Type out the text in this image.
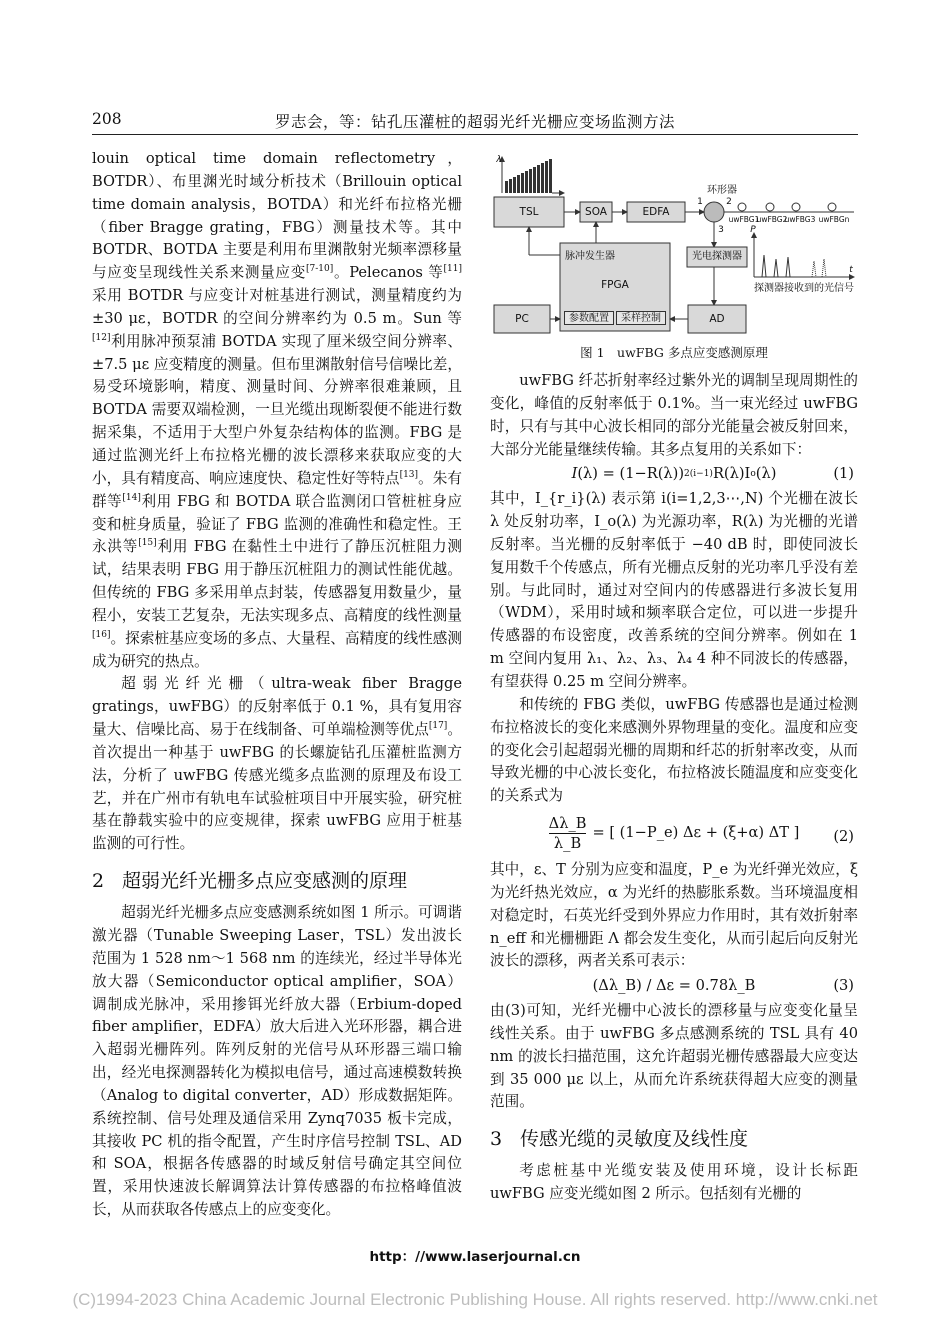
208	罗志会，等：钻孔压灌桩的超弱光纤光栅应变场监测方法

louin optical time domain reflectometry，BOTDR）、布里渊光时域分析技术（Brillouin optical time domain analysis，BOTDA）和光纤布拉格光栅（fiber Bragge grating，FBG）测量技术等。其中 BOTDR、BOTDA 主要是利用布里渊散射光频率漂移量与应变呈现线性关系来测量应变[7-10]。Pelecanos 等[11]采用 BOTDR 与应变计对桩基进行测试，测量精度约为±30 με，BOTDR 的空间分辨率约为 0.5 m。Sun 等[12]利用脉冲预泵浦 BOTDA 实现了厘米级空间分辨率、±7.5 με 应变精度的测量。但布里渊散射信号信噪比差，易受环境影响，精度、测量时间、分辨率很难兼顾，且 BOTDA 需要双端检测，一旦光缆出现断裂便不能进行数据采集，不适用于大型户外复杂结构体的监测。FBG 是通过监测光纤上布拉格光栅的波长漂移来获取应变的大小，具有精度高、响应速度快、稳定性好等特点[13]。朱有群等[14]利用 FBG 和 BOTDA 联合监测闭口管桩桩身应变和桩身质量，验证了 FBG 监测的准确性和稳定性。王永洪等[15]利用 FBG 在黏性土中进行了静压沉桩阻力测试，结果表明 FBG 用于静压沉桩阻力的测试性能优越。但传统的 FBG 多采用单点封装，传感器复用数量少，量程小，安装工艺复杂，无法实现多点、高精度的线性测量[16]。探索桩基应变场的多点、大量程、高精度的线性感测成为研究的热点。

超弱光纤光栅（ultra-weak fiber Bragge gratings，uwFBG）的反射率低于 0.1 %，具有复用容量大、信噪比高、易于在线制备、可单端检测等优点[17]。首次提出一种基于 uwFBG 的长螺旋钻孔压灌桩监测方法，分析了 uwFBG 传感光缆多点监测的原理及布设工艺，并在广州市有轨电车试验桩项目中开展实验，研究桩基在静载实验中的应变规律，探索 uwFBG 应用于桩基监测的可行性。

2 超弱光纤光栅多点应变感测的原理

超弱光纤光栅多点应变感测系统如图 1 所示。可调谐激光器（Tunable Sweeping Laser，TSL）发出波长范围为 1 528 nm～1 568 nm 的连续光，经过半导体光放大器（Semiconductor optical amplifier，SOA）调制成光脉冲，采用掺铒光纤放大器（Erbium-doped fiber amplifier，EDFA）放大后进入光环形器，耦合进入超弱光栅阵列。阵列反射的光信号从环形器三端口输出，经光电探测器转化为模拟电信号，通过高速模数转换（Analog to digital converter，AD）形成数据矩阵。系统控制、信号处理及通信采用 Zynq7035 板卡完成，其接收 PC 机的指令配置，产生时序信号控制 TSL、AD 和 SOA，根据各传感器的时域反射信号确定其空间位置，采用快速波长解调算法计算传感器的布拉格峰值波长，从而获取各传感点上的应变变化。

TSL	SOA	EDFA
环形器
1	2
3
uwFBG1
uwFBG2
uwFBG3 uwFBGn
光电探测器
脉冲发生器
FPGA
参数配置	采样控制
PC	AD
探测器接收到的光信号
P
t
λ
图 1　uwFBG 多点应变感测原理

uwFBG 纤芯折射率经过紫外光的调制呈现周期性的变化，峰值的反射率低于 0.1%。当一束光经过 uwFBG 时，只有与其中心波长相同的部分光能量会被反射回来，大部分光能量继续传输。其多点复用的关系如下：

I (λ) = (1−R(λ)) 2(i−1) R(λ)I o (λ)	(1)

其中，I_{r_i}(λ) 表示第 i(i=1,2,3⋯,N) 个光栅在波长 λ 处反射功率，I_o(λ) 为光源功率，R(λ) 为光栅的光谱反射率。当光栅的反射率低于 −40 dB 时，即使同波长复用数千个传感点，所有光栅点反射的光功率几乎没有差别。与此同时，通过对空间内的传感器进行多波长复用（WDM），采用时域和频率联合定位，可以进一步提升传感器的布设密度，改善系统的空间分辨率。例如在 1 m 空间内复用 λ₁、λ₂、λ₃、λ₄ 4 种不同波长的传感器，有望获得 0.25 m 空间分辨率。

和传统的 FBG 类似，uwFBG 传感器也是通过检测布拉格波长的变化来感测外界物理量的变化。温度和应变的变化会引起超弱光栅的周期和纤芯的折射率改变，从而导致光栅的中心波长变化，布拉格波长随温度和应变变化的关系式为

$\frac{\Delta\lambda\_B}{\lambda\_B}$ = [ (1−P_e) Δε + (ξ+α) ΔT ] (2)

其中，ε、T 分别为应变和温度，P_e 为光纤弹光效应，ξ 为光纤热光效应，α 为光纤的热膨胀系数。当环境温度相对稳定时，石英光纤受到外界应力作用时，其有效折射率 n_eff 和光栅栅距 Λ 都会发生变化，从而引起后向反射光波长的漂移，两者关系可表示：

(Δλ_B) / Δε = 0.78λ_B	(3)

由(3)可知，光纤光栅中心波长的漂移量与应变变化量呈线性关系。由于 uwFBG 多点感测系统的 TSL 具有 40 nm 的波长扫描范围，这允许超弱光栅传感器最大应变达到 35 000 με 以上，从而允许系统获得超大应变的测量范围。

3 传感光缆的灵敏度及线性度

考虑桩基中光缆安装及使用环境，设计长标距 uwFBG 应变光缆如图 2 所示。包括刻有光栅的

http：//www.laserjournal.cn
(C)1994-2023 China Academic Journal Electronic Publishing House. All rights reserved. http://www.cnki.net
